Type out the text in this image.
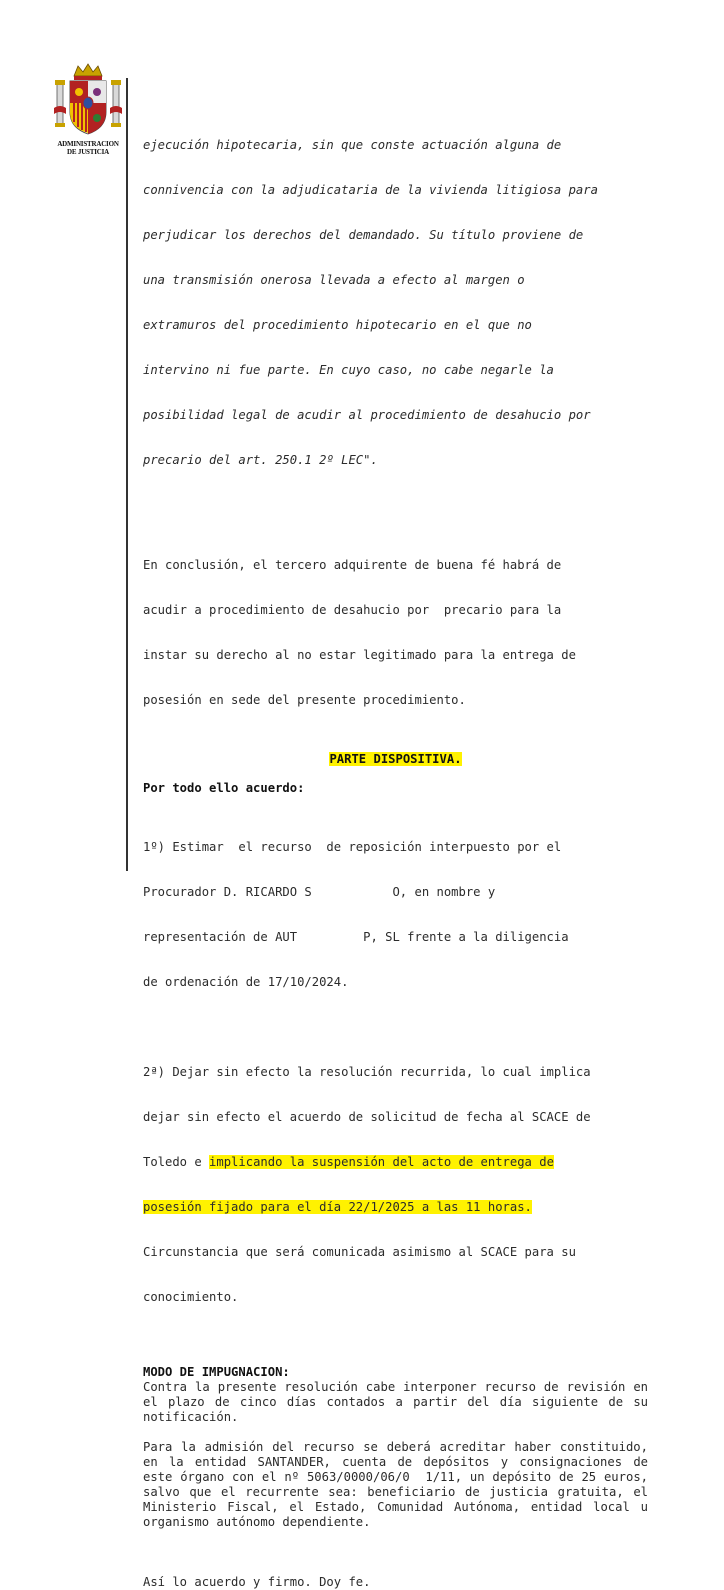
ADMINISTRACION
DE JUSTICIA

	ejecución hipotecaria, sin que conste actuación alguna de

connivencia con la adjudicataria de la vivienda litigiosa para

perjudicar los derechos del demandado. Su título proviene de

una transmisión onerosa llevada a efecto al margen o

extramuros del procedimiento hipotecario en el que no

intervino ni fue parte. En cuyo caso, no cabe negarle la

posibilidad legal de acudir al procedimiento de desahucio por

precario del art. 250.1 2º LEC".

En conclusión, el tercero adquirente de buena fé habrá de

acudir a procedimiento de desahucio por  precario para la

instar su derecho al no estar legitimado para la entrega de

posesión en sede del presente procedimiento.

PARTE DISPOSITIVA.
Por todo ello acuerdo:

1º) Estimar  el recurso  de reposición interpuesto por el

Procurador D. RICARDO S           O, en nombre y

representación de AUT         P, SL frente a la diligencia

de ordenación de 17/10/2024.

2ª) Dejar sin efecto la resolución recurrida, lo cual implica

dejar sin efecto el acuerdo de solicitud de fecha al SCACE de

Toledo e implicando la suspensión del acto de entrega de

posesión fijado para el día 22/1/2025 a las 11 horas.

Circunstancia que será comunicada asimismo al SCACE para su

conocimiento.

MODO DE IMPUGNACION:
Contra la presente resolución cabe interponer recurso de revisión en el plazo de cinco días contados a partir del día siguiente de su notificación.
Para la admisión del recurso se deberá acreditar haber constituido, en la entidad SANTANDER, cuenta de depósitos y consignaciones de este órgano con el nº 5063/0000/06/0  1/11, un depósito de 25 euros, salvo que el recurrente sea: beneficiario de justicia gratuita, el Ministerio Fiscal, el Estado, Comunidad Autónoma, entidad local u organismo autónomo dependiente.
Así lo acuerdo y firmo. Doy fe.
